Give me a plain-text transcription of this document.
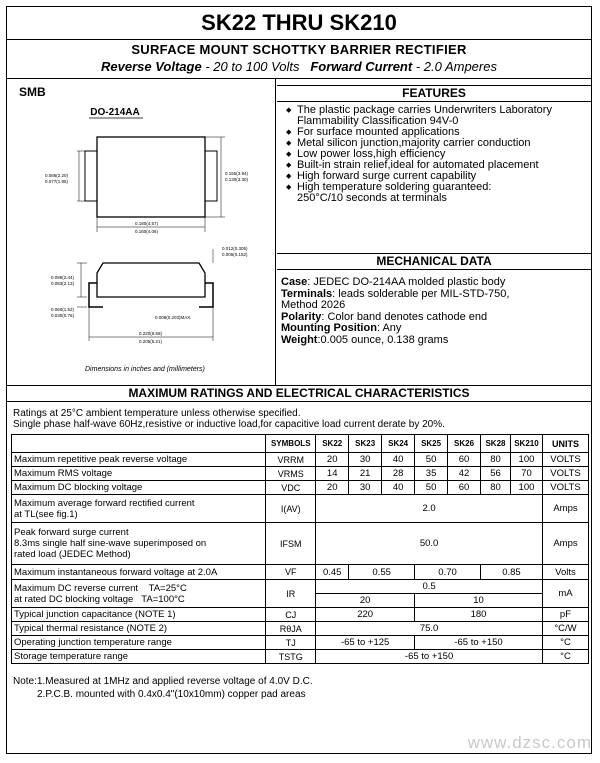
SK22 THRU SK210
SURFACE MOUNT SCHOTTKY BARRIER RECTIFIER
Reverse Voltage - 20 to 100 Volts Forward Current - 2.0 Amperes
SMB
DO-214AA
0.086(2.20)
0.077(1.95)
0.155(3.94)
0.130(3.30)
0.180(4.57)
0.160(4.06)
0.012(0.305)
0.006(0.152)
0.096(2.44)
0.083(2.13)
0.060(1.52)
0.030(0.76)	0.008(0.203)MAX.
0.220(5.59)
0.205(5.21)
Dimensions in inches and (millimeters)
FEATURES
◆ The plastic package carries Underwriters Laboratory
Flammability Classification 94V-0
◆ For surface mounted applications
◆ Metal silicon junction,majority carrier conduction
◆ Low power loss,high efficiency
◆ Built-in strain relief,ideal for automated placement
◆ High forward surge current capability
◆ High temperature soldering guaranteed:
250°C/10 seconds at terminals
MECHANICAL DATA
Case: JEDEC DO-214AA molded plastic body
Terminals: leads solderable per MIL-STD-750,
Method 2026
Polarity: Color band denotes cathode end
Mounting Position: Any
Weight:0.005 ounce, 0.138 grams
MAXIMUM RATINGS AND ELECTRICAL CHARACTERISTICS
Ratings at 25°C ambient temperature unless otherwise specified.
Single phase half-wave 60Hz,resistive or inductive load,for capacitive load current derate by 20%.
	SYMBOLS	SK22	SK23	SK24	SK25	SK26	SK28	SK210	UNITS
Maximum repetitive peak reverse voltage	VRRM	20	30	40	50	60	80	100	VOLTS
Maximum RMS voltage	VRMS	14	21	28	35	42	56	70	VOLTS
Maximum DC blocking voltage	VDC	20	30	40	50	60	80	100	VOLTS

Maximum average forward rectified current
at TL(see fig.1)	I(AV)	2.0							Amps

Peak forward surge current
8.3ms single half sine-wave superimposed on
rated load (JEDEC Method)	IFSM	50.0							Amps
Maximum instantaneous forward voltage at 2.0A	VF	0.45	0.55		0.70		0.85		Volts

Maximum DC reverse current TA=25°C
at rated DC blocking voltage TA=100°C	IR	0.5							mA
		20			10				
Typical junction capacitance (NOTE 1)	CJ	220			180				pF
Typical thermal resistance (NOTE 2)	RθJA	75.0							°C/W
Operating junction temperature range	TJ	-65 to +125			-65 to +150				°C
Storage temperature range	TSTG	-65 to +150							°C
Note:1.Measured at 1MHz and applied reverse voltage of 4.0V D.C.
2.P.C.B. mounted with 0.4x0.4"(10x10mm) copper pad areas
www.dzsc.com
